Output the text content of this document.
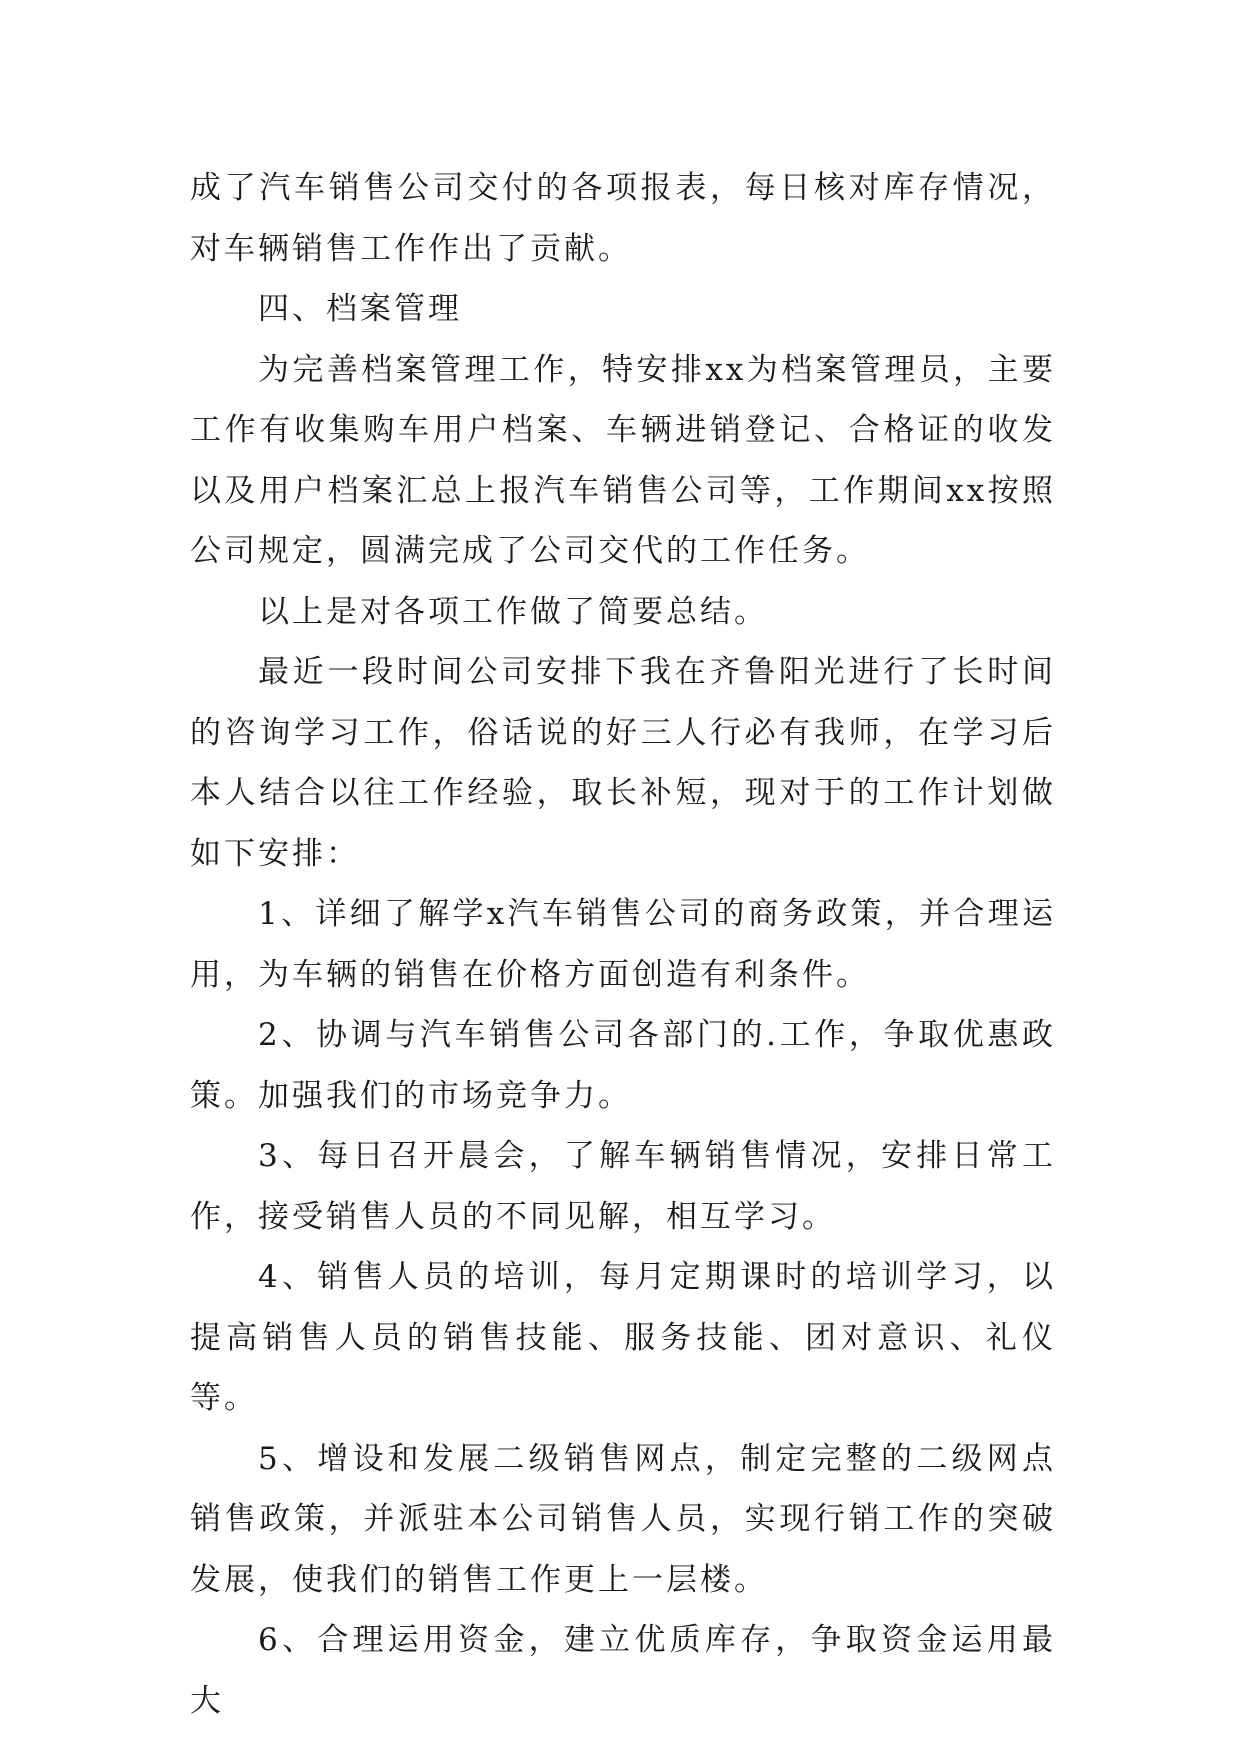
成了汽车销售公司交付的各项报表，每日核对库存情况，对车辆销售工作作出了贡献。

四、档案管理

为完善档案管理工作，特安排xx为档案管理员，主要工作有收集购车用户档案、车辆进销登记、合格证的收发以及用户档案汇总上报汽车销售公司等，工作期间xx按照公司规定，圆满完成了公司交代的工作任务。

以上是对各项工作做了简要总结。

最近一段时间公司安排下我在齐鲁阳光进行了长时间的咨询学习工作，俗话说的好三人行必有我师，在学习后本人结合以往工作经验，取长补短，现对于的工作计划做如下安排：

1、详细了解学x汽车销售公司的商务政策，并合理运用，为车辆的销售在价格方面创造有利条件。

2、协调与汽车销售公司各部门的.工作，争取优惠政策。加强我们的市场竞争力。

3、每日召开晨会，了解车辆销售情况，安排日常工作，接受销售人员的不同见解，相互学习。

4、销售人员的培训，每月定期课时的培训学习，以提高销售人员的销售技能、服务技能、团对意识、礼仪等。

5、增设和发展二级销售网点，制定完整的二级网点销售政策，并派驻本公司销售人员，实现行销工作的突破发展，使我们的销售工作更上一层楼。

6、合理运用资金，建立优质库存，争取资金运用最大
